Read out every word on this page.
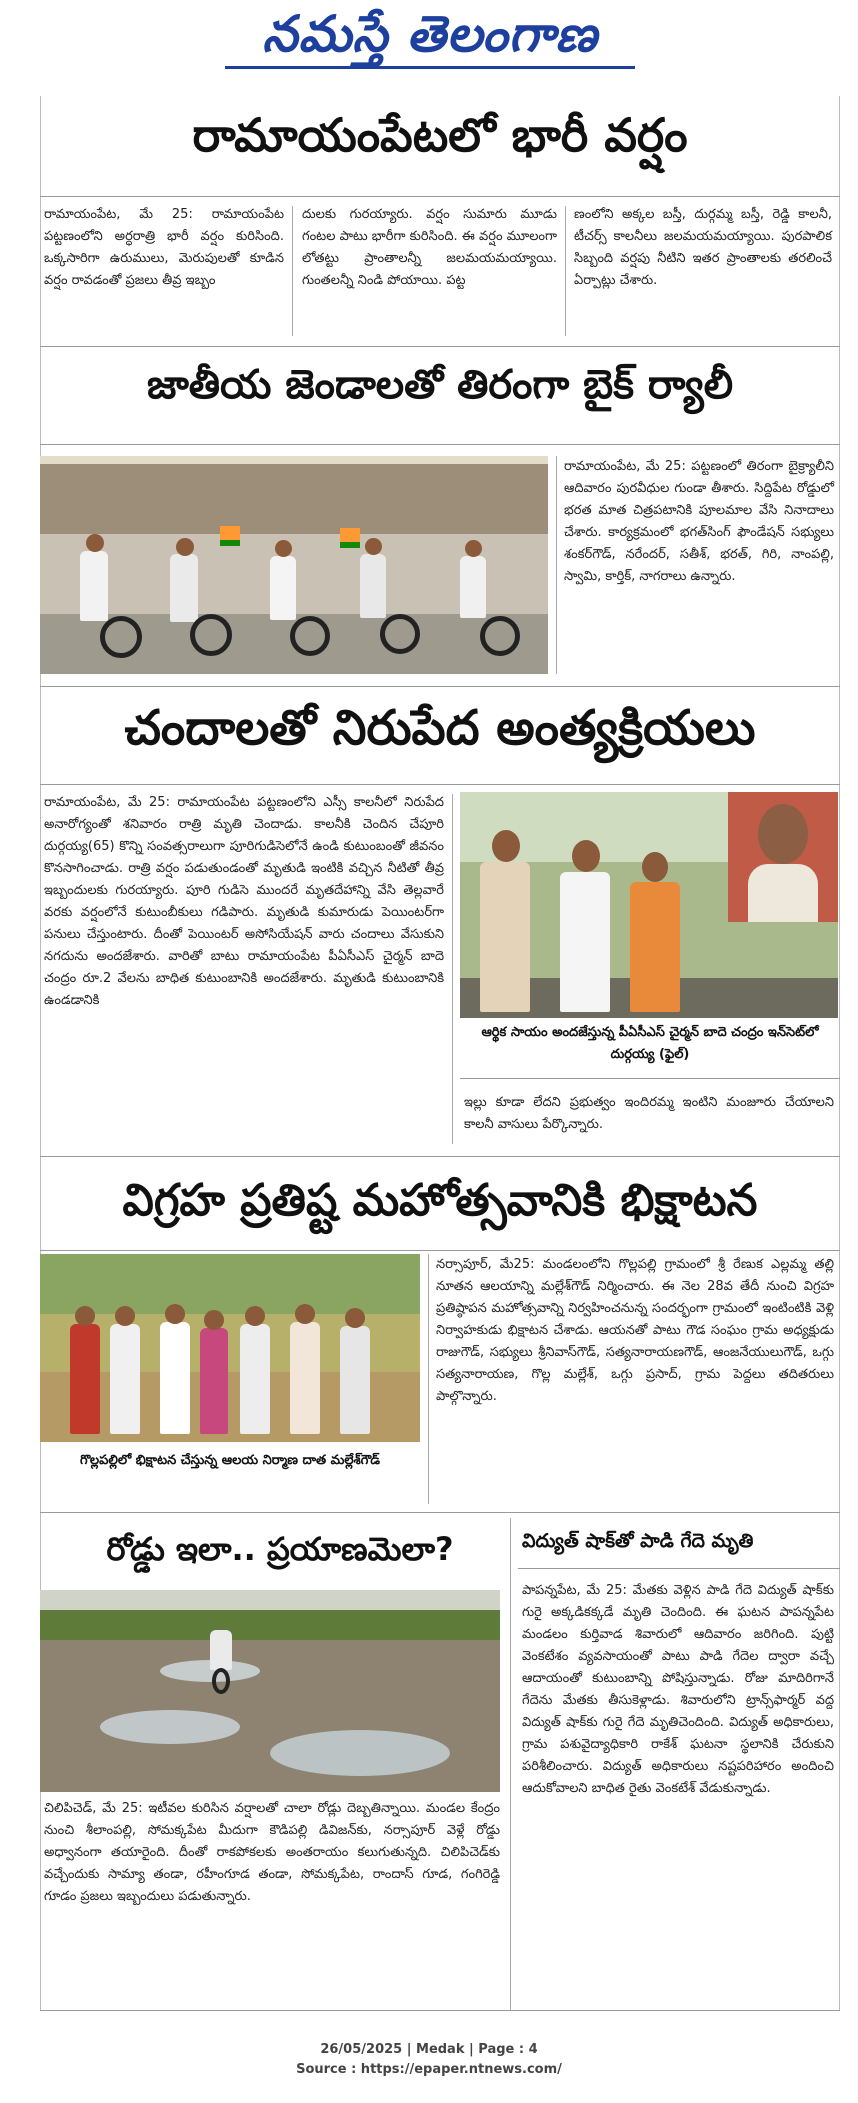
నమస్తే తెలంగాణ
రామాయంపేటలో భారీ వర్షం
రామాయంపేట, మే 25: రామాయంపేట పట్టణంలోని అర్ధరాత్రి భారీ వర్షం కురిసింది. ఒక్కసారిగా ఉరుములు, మెరుపులతో కూడిన వర్షం రావడంతో ప్రజలు తీవ్ర ఇబ్బం
దులకు గురయ్యారు. వర్షం సుమారు మూడు గంటల పాటు భారీగా కురిసింది. ఈ వర్షం మూలంగా లోతట్టు ప్రాంతాలన్నీ జలమయమయ్యాయి. గుంతలన్నీ నిండి పోయాయి. పట్ట
ణంలోని అక్కల బస్తీ, దుర్గమ్మ బస్తీ, రెడ్డి కాలనీ, టీచర్స్ కాలనీలు జలమయమయ్యాయి. పురపాలిక సిబ్బంది వర్షపు నీటిని ఇతర ప్రాంతాలకు తరలించే ఏర్పాట్లు చేశారు.
జాతీయ జెండాలతో తిరంగా బైక్ ర్యాలీ
రామాయంపేట, మే 25: పట్టణంలో తిరంగా బైక్ర్యాలీని ఆదివారం పురవీధుల గుండా తీశారు. సిద్దిపేట రోడ్డులో భరత మాత చిత్రపటానికి పూలమాల వేసి నినాదాలు చేశారు. కార్యక్రమంలో భగత్‌సింగ్ ఫౌండేషన్ సభ్యులు శంకర్‌గౌడ్, నరేందర్, సతీశ్, భరత్, గిరి, నాంపల్లి, స్వామి, కార్తిక్, నాగరాలు ఉన్నారు.
చందాలతో నిరుపేద అంత్యక్రియలు
రామాయంపేట, మే 25: రామాయంపేట పట్టణంలోని ఎస్సీ కాలనీలో నిరుపేద అనారోగ్యంతో శనివారం రాత్రి మృతి చెందాడు. కాలనీకి చెందిన చేపూరి దుర్గయ్య(65) కొన్ని సంవత్సరాలుగా పూరిగుడిసెలోనే ఉండి కుటుంబంతో జీవనం కొనసాగించాడు. రాత్రి వర్షం పడుతుండంతో మృతుడి ఇంటికి వచ్చిన నీటితో తీవ్ర ఇబ్బందులకు గురయ్యారు. పూరి గుడిసె ముందరే మృతదేహాన్ని వేసి తెల్లవారే వరకు వర్షంలోనే కుటుంబీకులు గడిపారు. మృతుడి కుమారుడు పెయింటర్‌గా పనులు చేస్తుంటారు. దీంతో పెయింటర్ అసోసియేషన్ వారు చందాలు వేసుకుని నగదును అందజేశారు. వారితో బాటు రామాయంపేట పీఏసీఎస్ చైర్మన్ బాదె చంద్రం రూ.2 వేలను బాధిత కుటుంబానికి అందజేశారు. మృతుడి కుటుంబానికి ఉండడానికి
ఆర్థిక సాయం అందజేస్తున్న పీఏసీఎస్ చైర్మన్ బాదె చంద్రం ఇన్‌సెట్‌లో దుర్గయ్య (ఫైల్)
ఇల్లు కూడా లేదని ప్రభుత్వం ఇందిరమ్మ ఇంటిని మంజూరు చేయాలని కాలనీ వాసులు పేర్కొన్నారు.
విగ్రహ ప్రతిష్ట మహోత్సవానికి భిక్షాటన
గొల్లపల్లిలో భిక్షాటన చేస్తున్న ఆలయ నిర్మాణ దాత మల్లేశ్‌గౌడ్
నర్సాపూర్, మే25: మండలంలోని గొల్లపల్లి గ్రామంలో శ్రీ రేణుక ఎల్లమ్మ తల్లి నూతన ఆలయాన్ని మల్లేశ్‌గౌడ్ నిర్మించారు. ఈ నెల 28వ తేదీ నుంచి విగ్రహ ప్రతిష్ఠాపన మహోత్సవాన్ని నిర్వహించనున్న సందర్భంగా గ్రామంలో ఇంటింటికి వెళ్లి నిర్వాహకుడు భిక్షాటన చేశాడు. ఆయనతో పాటు గౌడ సంఘం గ్రామ అధ్యక్షుడు రాజుగౌడ్, సభ్యులు శ్రీనివాస్‌గౌడ్, సత్యనారాయణగౌడ్, ఆంజనేయులుగౌడ్, ఒగ్గు సత్యనారాయణ, గొల్ల మల్లేశ్, ఒగ్గు ప్రసాద్, గ్రామ పెద్దలు తదితరులు పాల్గొన్నారు.
రోడ్డు ఇలా.. ప్రయాణమెలా?
చిలిపిచెడ్, మే 25: ఇటీవల కురిసిన వర్షాలతో చాలా రోడ్లు దెబ్బతిన్నాయి. మండల కేంద్రం నుంచి శీలాంపల్లి, సోమక్కపేట మీదుగా కౌడిపల్లి డివిజన్‌కు, నర్సాపూర్ వెళ్లే రోడ్డు అధ్వానంగా తయారైంది. దీంతో రాకపోకలకు అంతరాయం కలుగుతున్నది. చిలిపిచెడ్‌కు వచ్చేందుకు సామ్యా తండా, రహీంగూడ తండా, సోమక్కపేట, రాందాస్ గూడ, గంగిరెడ్డి గూడం ప్రజలు ఇబ్బందులు పడుతున్నారు.
విద్యుత్ షాక్‌తో పాడి గేదె మృతి
పాపన్నపేట, మే 25: మేతకు వెళ్లిన పాడి గేదె విద్యుత్ షాక్‌కు గురై అక్కడికక్కడే మృతి చెందింది. ఈ ఘటన పాపన్నపేట మండలం కుర్తివాడ శివారులో ఆదివారం జరిగింది. పుట్టి వెంకటేశం వ్యవసాయంతో పాటు పాడి గేదెల ద్వారా వచ్చే ఆదాయంతో కుటుంబాన్ని పోషిస్తున్నాడు. రోజు మాదిరిగానే గేదెను మేతకు తీసుకెళ్లాడు. శివారులోని ట్రాన్స్‌ఫార్మర్ వద్ద విద్యుత్ షాక్‌కు గురై గేదె మృతిచెందింది. విద్యుత్ అధికారులు, గ్రామ పశువైద్యాధికారి రాకేశ్ ఘటనా స్థలానికి చేరుకుని పరిశీలించారు. విద్యుత్ అధికారులు నష్టపరిహారం అందించి ఆదుకోవాలని బాధిత రైతు వెంకటేశ్ వేడుకున్నాడు.
26/05/2025 | Medak | Page : 4
Source : https://epaper.ntnews.com/
